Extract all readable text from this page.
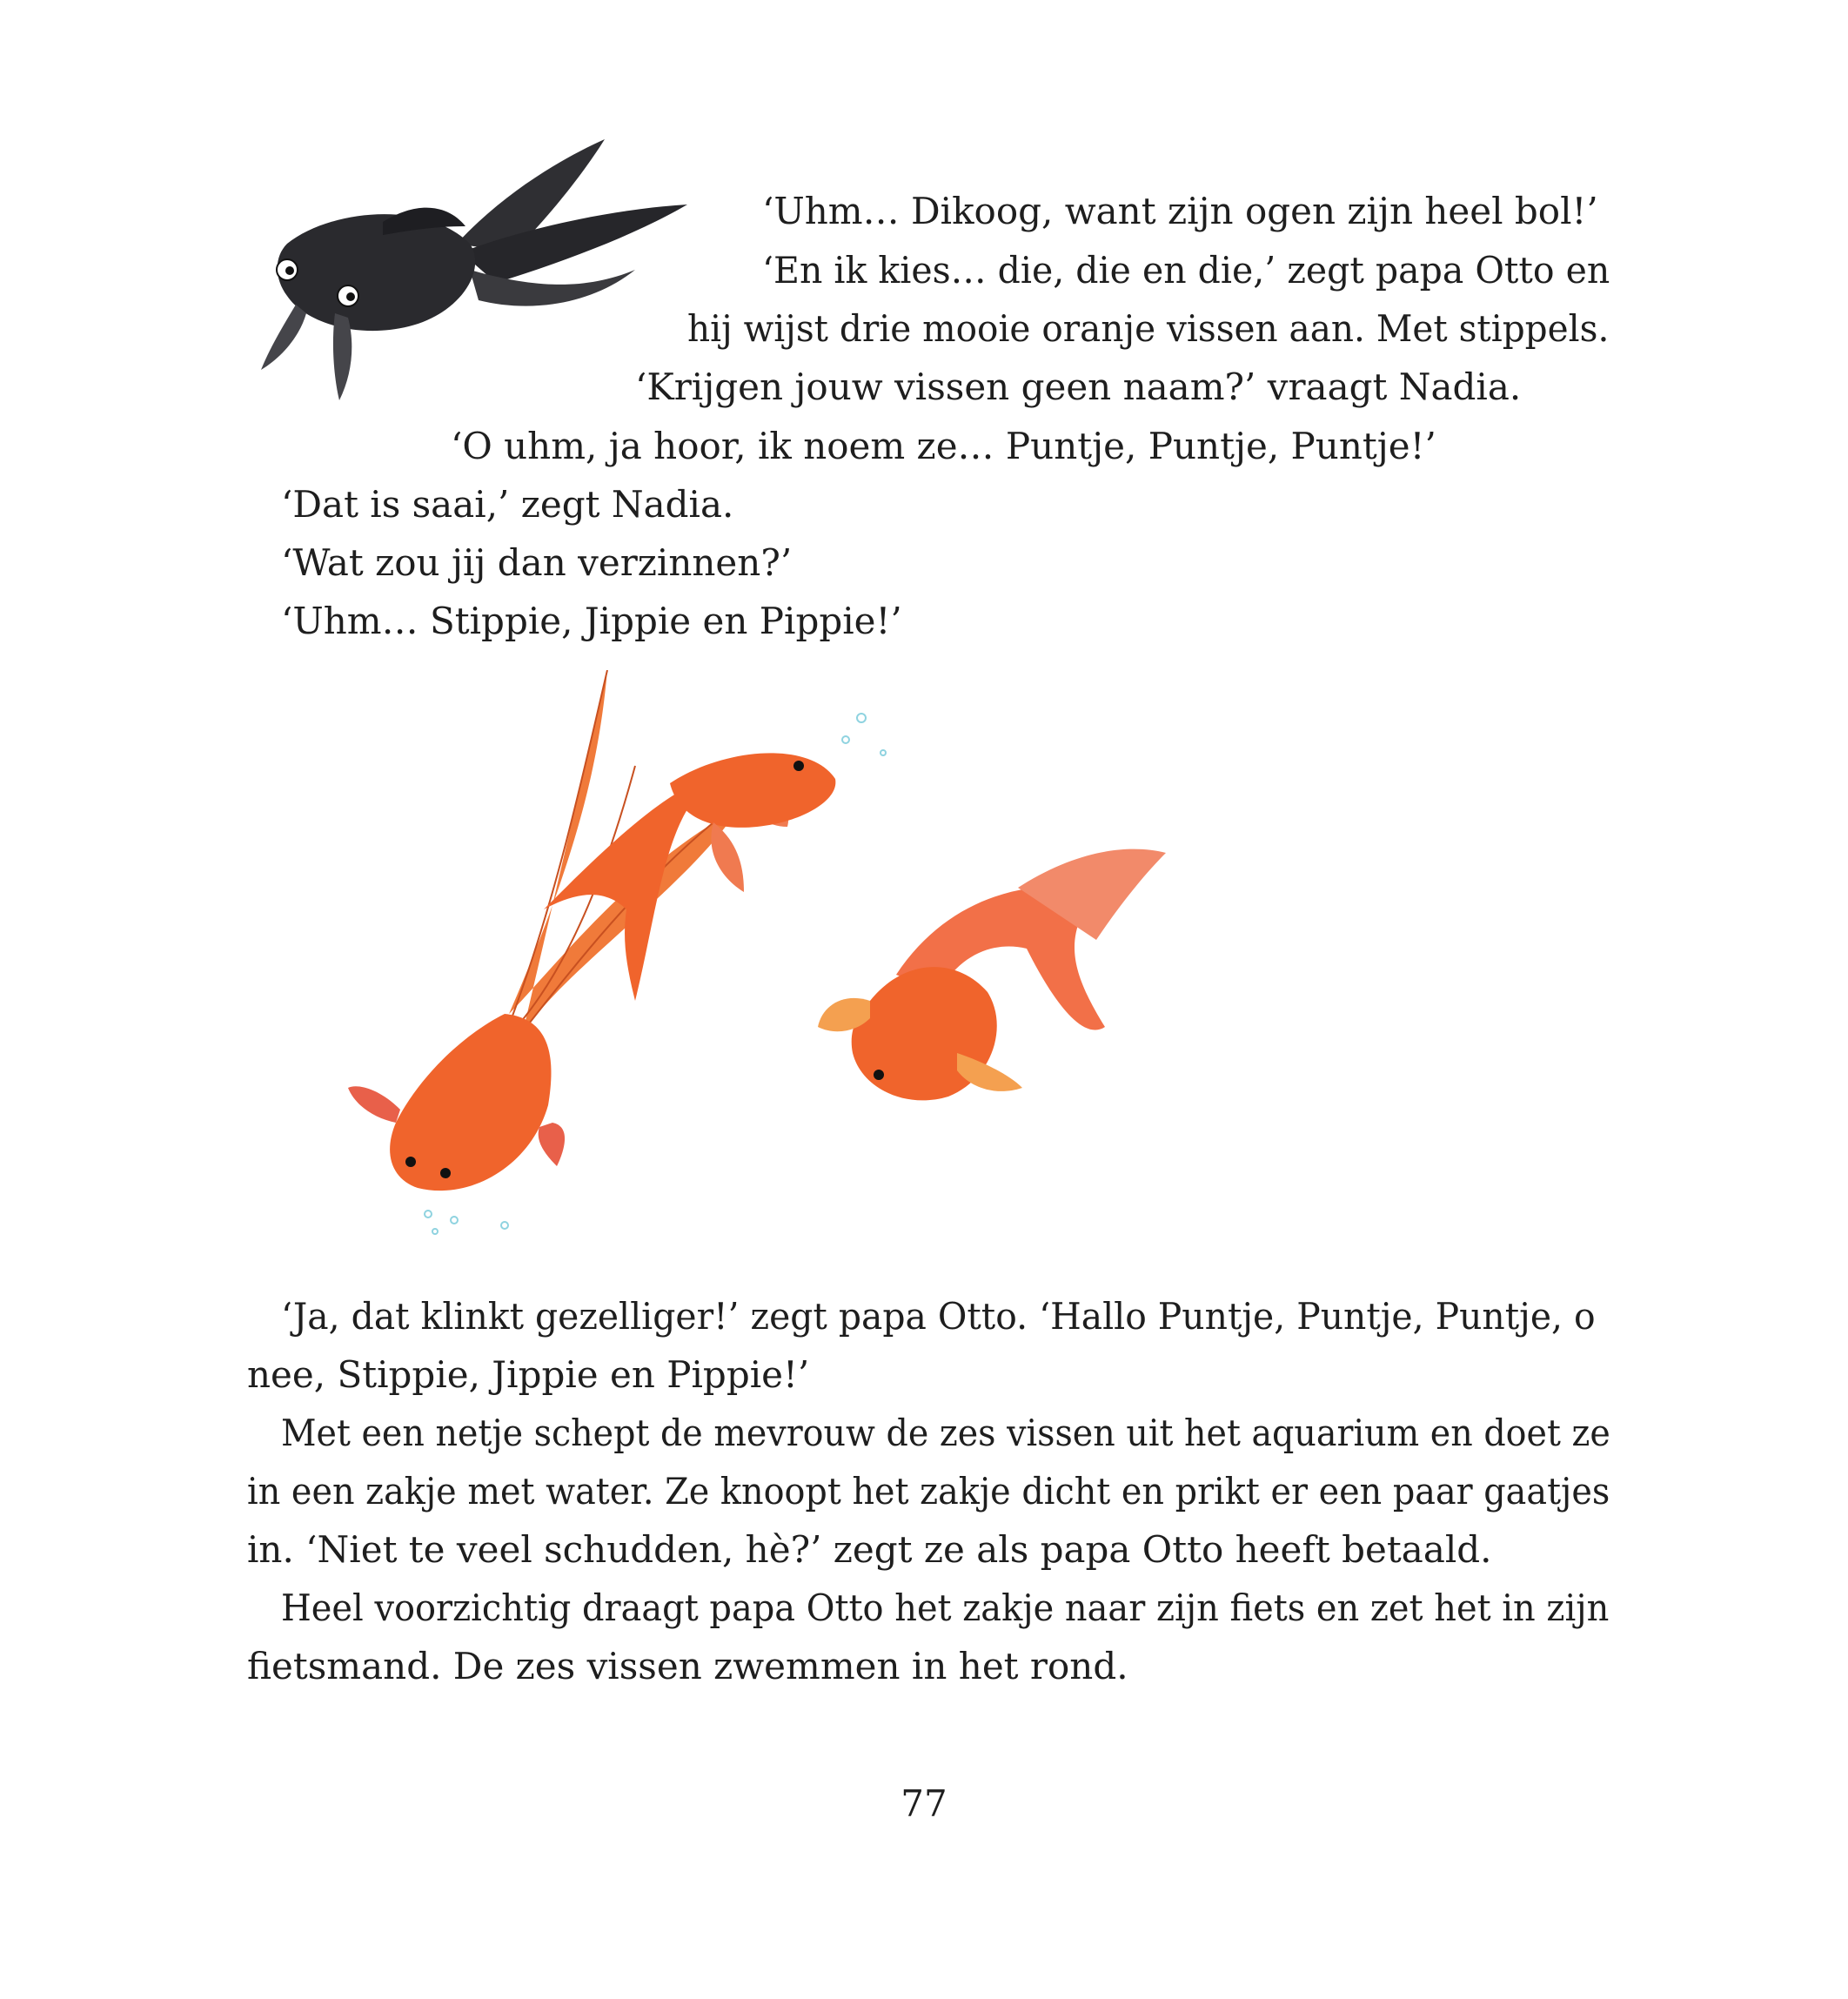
‘Uhm… Dikoog, want zijn ogen zijn heel bol!’
‘En ik kies… die, die en die,’ zegt papa Otto en
hij wijst drie mooie oranje vissen aan. Met stippels.
‘Krijgen jouw vissen geen naam?’ vraagt Nadia.
‘O uhm, ja hoor, ik noem ze… Puntje, Puntje, Puntje!’
‘Dat is saai,’ zegt Nadia.
‘Wat zou jij dan verzinnen?’
‘Uhm… Stippie, Jippie en Pippie!’
‘Ja, dat klinkt gezelliger!’ zegt papa Otto. ‘Hallo Puntje, Puntje, Puntje, o
nee, Stippie, Jippie en Pippie!’
Met een netje schept de mevrouw de zes vissen uit het aquarium en doet ze
in een zakje met water. Ze knoopt het zakje dicht en prikt er een paar gaatjes
in. ‘Niet te veel schudden, hè?’ zegt ze als papa Otto heeft betaald.
Heel voorzichtig draagt papa Otto het zakje naar zijn fiets en zet het in zijn
fietsmand. De zes vissen zwemmen in het rond.
77
